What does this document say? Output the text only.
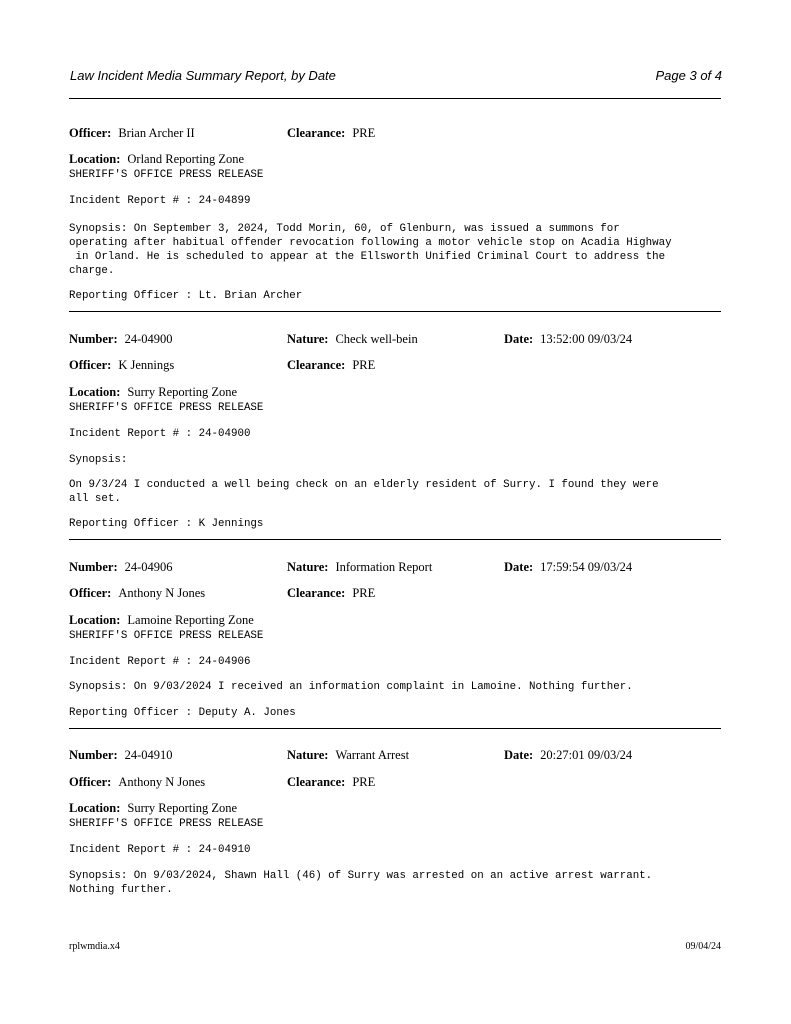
Law Incident Media Summary Report, by Date	Page 3 of 4
Officer: Brian Archer II	Clearance: PRE
Location: Orland Reporting Zone
SHERIFF'S OFFICE PRESS RELEASE
Incident Report # : 24-04899
Synopsis: On September 3, 2024, Todd Morin, 60, of Glenburn, was issued a summons for
operating after habitual offender revocation following a motor vehicle stop on Acadia Highway
in Orland. He is scheduled to appear at the Ellsworth Unified Criminal Court to address the
charge.
Reporting Officer : Lt. Brian Archer
Number: 24-04900	Nature: Check well-bein	Date: 13:52:00 09/03/24
Officer: K Jennings	Clearance: PRE
Location: Surry Reporting Zone
SHERIFF'S OFFICE PRESS RELEASE
Incident Report # : 24-04900
Synopsis:
On 9/3/24 I conducted a well being check on an elderly resident of Surry. I found they were
all set.
Reporting Officer : K Jennings
Number: 24-04906	Nature: Information Report	Date: 17:59:54 09/03/24
Officer: Anthony N Jones	Clearance: PRE
Location: Lamoine Reporting Zone
SHERIFF'S OFFICE PRESS RELEASE
Incident Report # : 24-04906
Synopsis: On 9/03/2024 I received an information complaint in Lamoine. Nothing further.
Reporting Officer : Deputy A. Jones
Number: 24-04910	Nature: Warrant Arrest	Date: 20:27:01 09/03/24
Officer: Anthony N Jones	Clearance: PRE
Location: Surry Reporting Zone
SHERIFF'S OFFICE PRESS RELEASE
Incident Report # : 24-04910
Synopsis: On 9/03/2024, Shawn Hall (46) of Surry was arrested on an active arrest warrant.
Nothing further.
rplwmdia.x4	09/04/24
